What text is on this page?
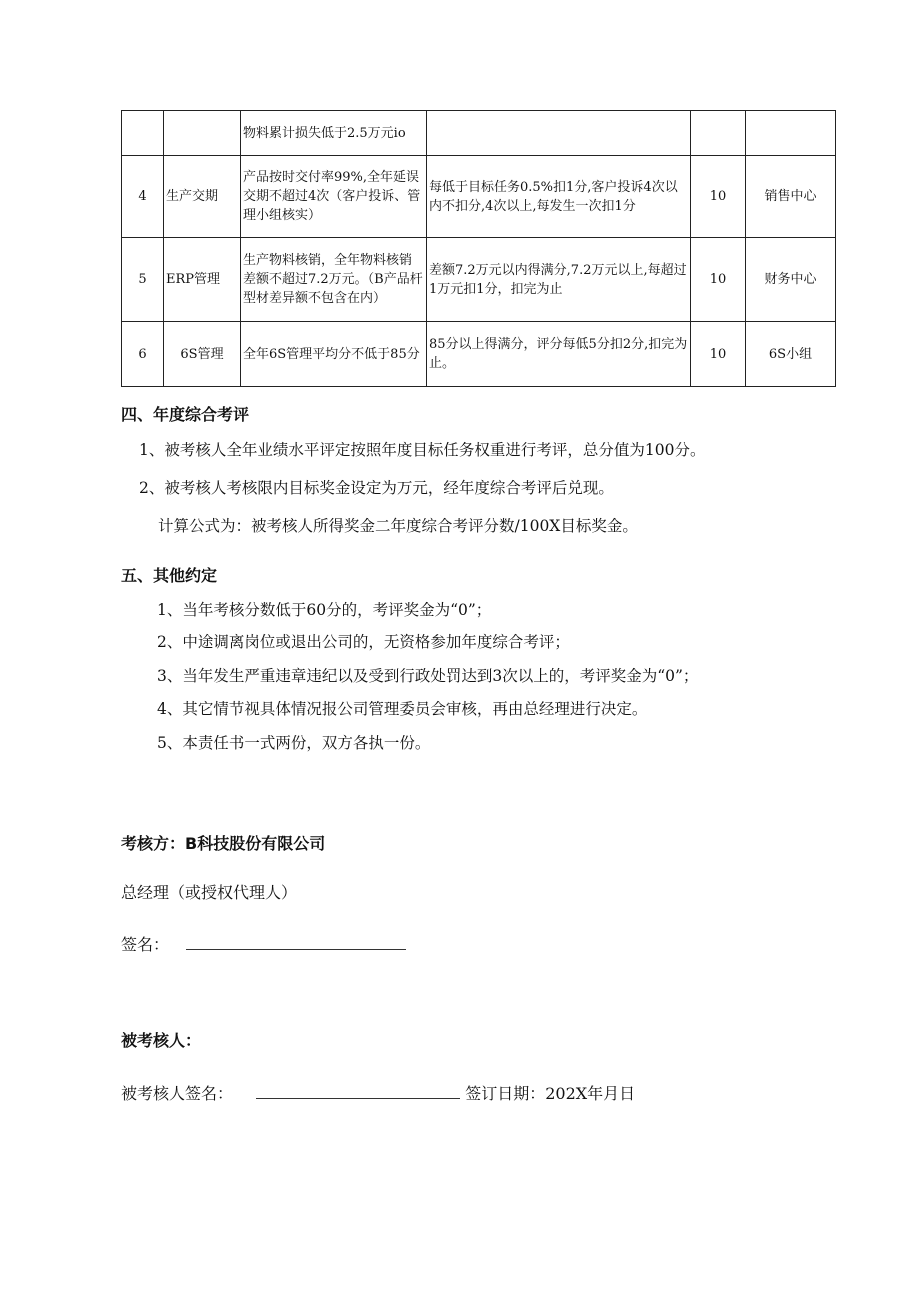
		物料累计损失低于2.5万元io			
4	生产交期	产品按时交付率99%,全年延误交期不超过4次（客户投诉、管理小组核实）	每低于目标任务0.5%扣1分,客户投诉4次以内不扣分,4次以上,每发生一次扣1分	10	销售中心
5	ERP管理	生产物料核销，全年物料核销差额不超过7.2万元。（B产品杆型材差异额不包含在内）	差额7.2万元以内得满分,7.2万元以上,每超过1万元扣1分，扣完为止	10	财务中心
6	6S管理	全年6S管理平均分不低于85分	85分以上得满分，评分每低5分扣2分,扣完为止。	10	6S小组
四、年度综合考评
1、被考核人全年业绩水平评定按照年度目标任务权重进行考评，总分值为100分。
2、被考核人考核限内目标奖金设定为万元，经年度综合考评后兑现。
计算公式为：被考核人所得奖金二年度综合考评分数/100X目标奖金。
五、其他约定
1、当年考核分数低于60分的，考评奖金为“0”；
2、中途调离岗位或退出公司的，无资格参加年度综合考评；
3、当年发生严重违章违纪以及受到行政处罚达到3次以上的，考评奖金为“0”；
4、其它情节视具体情况报公司管理委员会审核，再由总经理进行决定。
5、本责任书一式两份，双方各执一份。
考核方：B科技股份有限公司
总经理（或授权代理人）
签名：
被考核人：
被考核人签名：	签订日期：202X年月日
